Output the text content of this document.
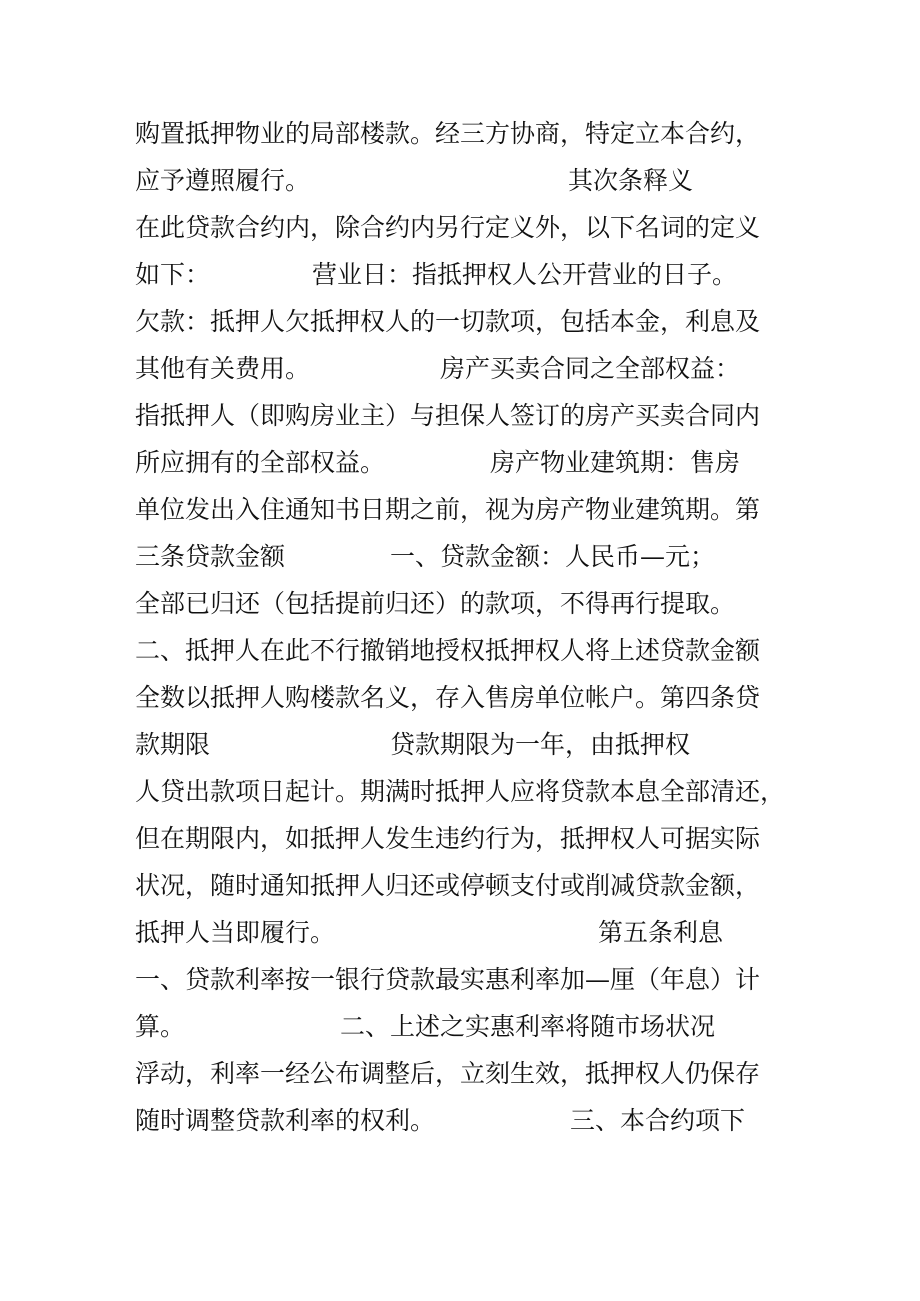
购置抵押物业的局部楼款。经三方协商，特定立本合约，
应予遵照履行。	其次条释义
在此贷款合约内，除合约内另行定义外，以下名词的定义
如下：	营业日：指抵押权人公开营业的日子。
欠款：抵押人欠抵押权人的一切款项，包括本金，利息及
其他有关费用。	房产买卖合同之全部权益：
指抵押人（即购房业主）与担保人签订的房产买卖合同内
所应拥有的全部权益。	房产物业建筑期：售房
单位发出入住通知书日期之前，视为房产物业建筑期。第
三条贷款金额	一、贷款金额：人民币—元；
全部已归还（包括提前归还）的款项，不得再行提取。
二、抵押人在此不行撤销地授权抵押权人将上述贷款金额
全数以抵押人购楼款名义，存入售房单位帐户。第四条贷
款期限	贷款期限为一年，由抵押权
人贷出款项日起计。期满时抵押人应将贷款本息全部清还，
但在期限内，如抵押人发生违约行为，抵押权人可据实际
状况，随时通知抵押人归还或停顿支付或削减贷款金额，
抵押人当即履行。	第五条利息
一、贷款利率按一银行贷款最实惠利率加—厘（年息）计
算。	二、上述之实惠利率将随市场状况
浮动，利率一经公布调整后，立刻生效，抵押权人仍保存
随时调整贷款利率的权利。	三、本合约项下
